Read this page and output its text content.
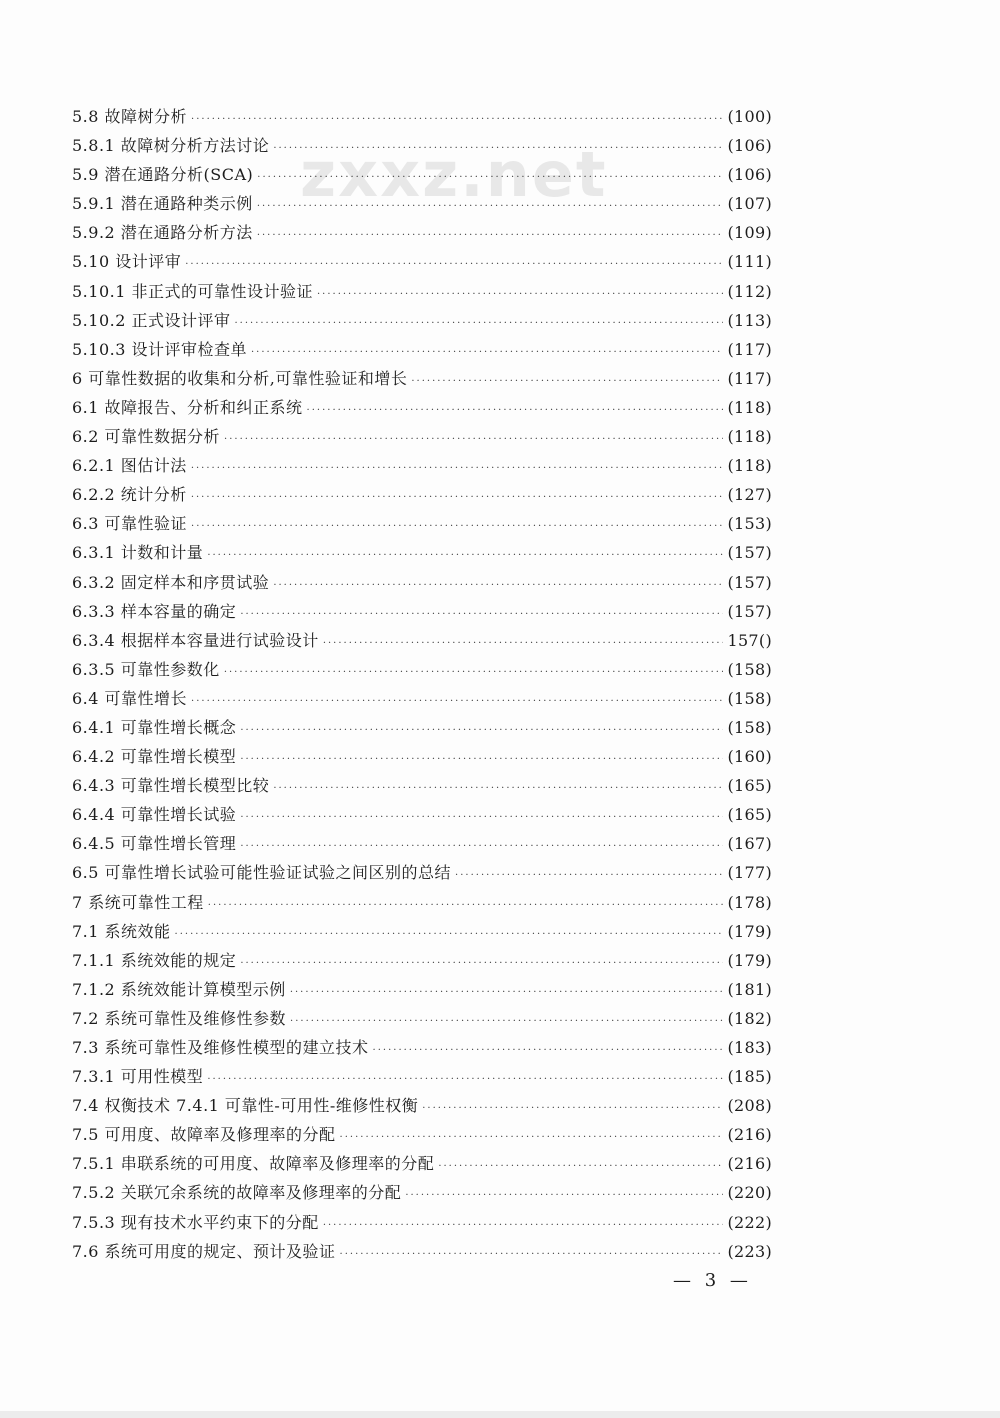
zxxz.net
5.8 故障树分析 ·····	(100)
5.8.1 故障树分析方法讨论 ·····	(106)
5.9 潜在通路分析(SCA) ·····	(106)
5.9.1 潜在通路种类示例 ·····	(107)
5.9.2 潜在通路分析方法 ·····	(109)
5.10 设计评审 ·····	(111)
5.10.1 非正式的可靠性设计验证 ·····	(112)
5.10.2 正式设计评审 ·····	(113)
5.10.3 设计评审检查单 ·····	(117)
6 可靠性数据的收集和分析,可靠性验证和增长 ·····	(117)
6.1 故障报告、分析和纠正系统 ·····	(118)
6.2 可靠性数据分析 ·····	(118)
6.2.1 图估计法 ·····	(118)
6.2.2 统计分析 ·····	(127)
6.3 可靠性验证 ·····	(153)
6.3.1 计数和计量 ·····	(157)
6.3.2 固定样本和序贯试验 ·····	(157)
6.3.3 样本容量的确定 ·····	(157)
6.3.4 根据样本容量进行试验设计 ·····	157()
6.3.5 可靠性参数化 ·····	(158)
6.4 可靠性增长 ·····	(158)
6.4.1 可靠性增长概念 ·····	(158)
6.4.2 可靠性增长模型 ·····	(160)
6.4.3 可靠性增长模型比较 ·····	(165)
6.4.4 可靠性增长试验 ·····	(165)
6.4.5 可靠性增长管理 ·····	(167)
6.5 可靠性增长试验可能性验证试验之间区别的总结 ·····	(177)
7 系统可靠性工程 ·····	(178)
7.1 系统效能 ·····	(179)
7.1.1 系统效能的规定 ·····	(179)
7.1.2 系统效能计算模型示例 ·····	(181)
7.2 系统可靠性及维修性参数 ·····	(182)
7.3 系统可靠性及维修性模型的建立技术 ·····	(183)
7.3.1 可用性模型 ·····	(185)
7.4 权衡技术 7.4.1 可靠性-可用性-维修性权衡 ·····	(208)
7.5 可用度、故障率及修理率的分配 ·····	(216)
7.5.1 串联系统的可用度、故障率及修理率的分配 ·····	(216)
7.5.2 关联冗余系统的故障率及修理率的分配 ·····	(220)
7.5.3 现有技术水平约束下的分配 ·····	(222)
7.6 系统可用度的规定、预计及验证 ·····	(223)
— 3 —
